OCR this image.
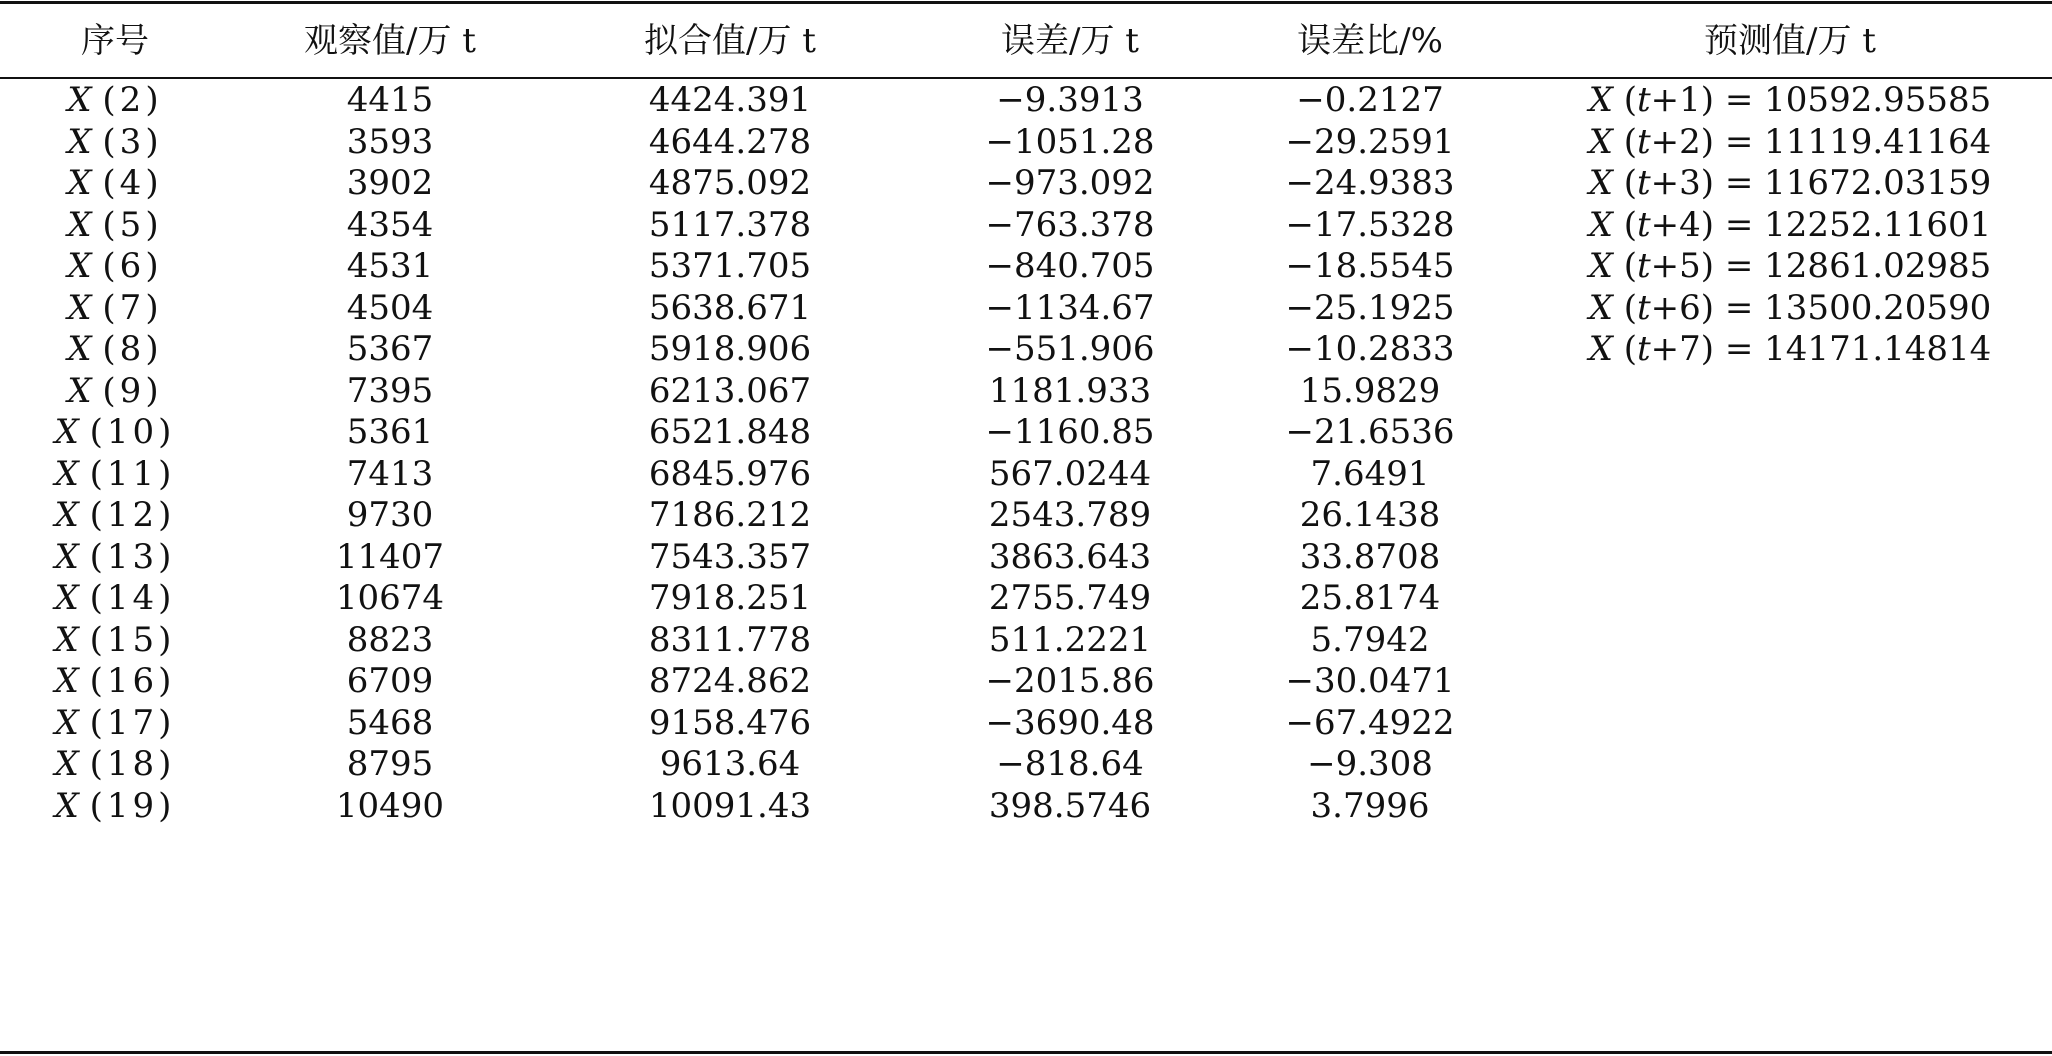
序号	观察值/万 t	拟合值/万 t	误差/万 t	误差比/%	预测值/万 t
X (2)	4415	4424.391	−9.3913	−0.2127	X (t+1) = 10592.95585
X (3)	3593	4644.278	−1051.28	−29.2591	X (t+2) = 11119.41164
X (4)	3902	4875.092	−973.092	−24.9383	X (t+3) = 11672.03159
X (5)	4354	5117.378	−763.378	−17.5328	X (t+4) = 12252.11601
X (6)	4531	5371.705	−840.705	−18.5545	X (t+5) = 12861.02985
X (7)	4504	5638.671	−1134.67	−25.1925	X (t+6) = 13500.20590
X (8)	5367	5918.906	−551.906	−10.2833	X (t+7) = 14171.14814
X (9)	7395	6213.067	1181.933	15.9829
X (10)	5361	6521.848	−1160.85	−21.6536
X (11)	7413	6845.976	567.0244	7.6491
X (12)	9730	7186.212	2543.789	26.1438
X (13)	11407	7543.357	3863.643	33.8708
X (14)	10674	7918.251	2755.749	25.8174
X (15)	8823	8311.778	511.2221	5.7942
X (16)	6709	8724.862	−2015.86	−30.0471
X (17)	5468	9158.476	−3690.48	−67.4922
X (18)	8795	9613.64	−818.64	−9.308
X (19)	10490	10091.43	398.5746	3.7996
